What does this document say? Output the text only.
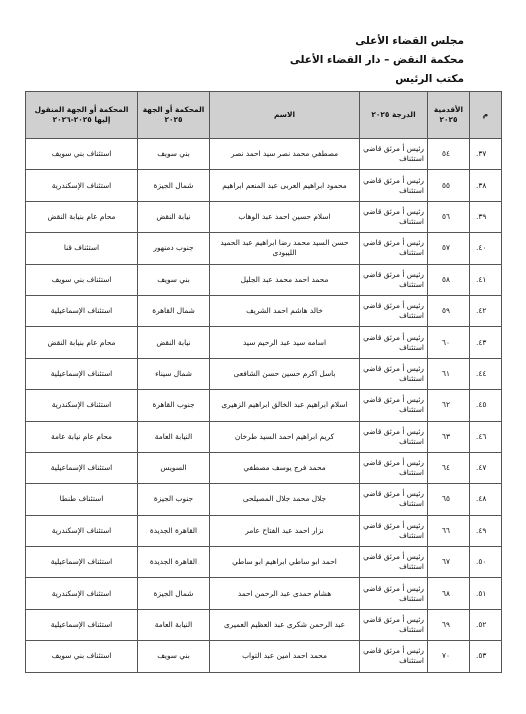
مجلس القضاء الأعلى
محكمة النقض – دار القضاء الأعلى
مكتب الرئيس
م	الأقدمية ٢٠٢٥	الدرجة ٢٠٢٥	الاسم	المحكمة أو الجهة ٢٠٢٥	المحكمة أو الجهة المنقول إليها ٢٠٢٥-٢٠٢٦
.٣٧	٥٤	رئيس أ مرئق قاضي استئناف	مصطفي محمد نصر سيد احمد نصر	بني سويف	استئناف بني سويف
.٣٨	٥٥	رئيس أ مرئق قاضي استئناف	محمود ابراهيم العربى عبد المنعم ابراهيم	شمال الجيزة	استئناف الإسكندرية
.٣٩	٥٦	رئيس أ مرئق قاضي استئناف	اسلام حسين احمد عبد الوهاب	نيابة النقض	محام عام بنيابة النقض
.٤٠	٥٧	رئيس أ مرئق قاضي استئناف	حسن السيد محمد رضا ابراهيم عبد الحميد الليبودى	جنوب دمنهور	استئناف قنا
.٤١	٥٨	رئيس أ مرئق قاضي استئناف	محمد احمد محمد عبد الجليل	بني سويف	استئناف بني سويف
.٤٢	٥٩	رئيس أ مرئق قاضي استئناف	خالد هاشم احمد الشريف	شمال القاهرة	استئناف الإسماعيلية
.٤٣	٦٠	رئيس أ مرئق قاضي استئناف	اسامه سيد عبد الرحيم سيد	نيابة النقض	محام عام بنيابة النقض
.٤٤	٦١	رئيس أ مرئق قاضي استئناف	باسل اكرم حسين حسن الشافعى	شمال سيناء	استئناف الإسماعيلية
.٤٥	٦٢	رئيس أ مرئق قاضي استئناف	اسلام ابراهيم عبد الخالق ابراهيم الزهيرى	جنوب القاهرة	استئناف الإسكندرية
.٤٦	٦٣	رئيس أ مرئق قاضي استئناف	كريم ابراهيم احمد السيد طرخان	النيابة العامة	محام عام نيابة عامة
.٤٧	٦٤	رئيس أ مرئق قاضي استئناف	محمد فرج يوسف مصطفي	السويس	استئناف الإسماعيلية
.٤٨	٦٥	رئيس أ مرئق قاضي استئناف	جلال محمد جلال المصيلحى	جنوب الجيزة	استئناف طنطا
.٤٩	٦٦	رئيس أ مرئق قاضي استئناف	نزار احمد عبد الفتاح عامر	القاهرة الجديدة	استئناف الإسكندرية
.٥٠	٦٧	رئيس أ مرئق قاضي استئناف	احمد ابو ساطي ابراهيم ابو ساطي	القاهرة الجديدة	استئناف الإسماعيلية
.٥١	٦٨	رئيس أ مرئق قاضي استئناف	هشام حمدى عبد الرحمن احمد	شمال الجيزة	استئناف الإسكندرية
.٥٢	٦٩	رئيس أ مرئق قاضي استئناف	عبد الرحمن شكرى عبد العظيم العميرى	النيابة العامة	استئناف الإسماعيلية
.٥٣	٧٠	رئيس أ مرئق قاضي استئناف	محمد احمد امين عبد التواب	بني سويف	استئناف بني سويف
